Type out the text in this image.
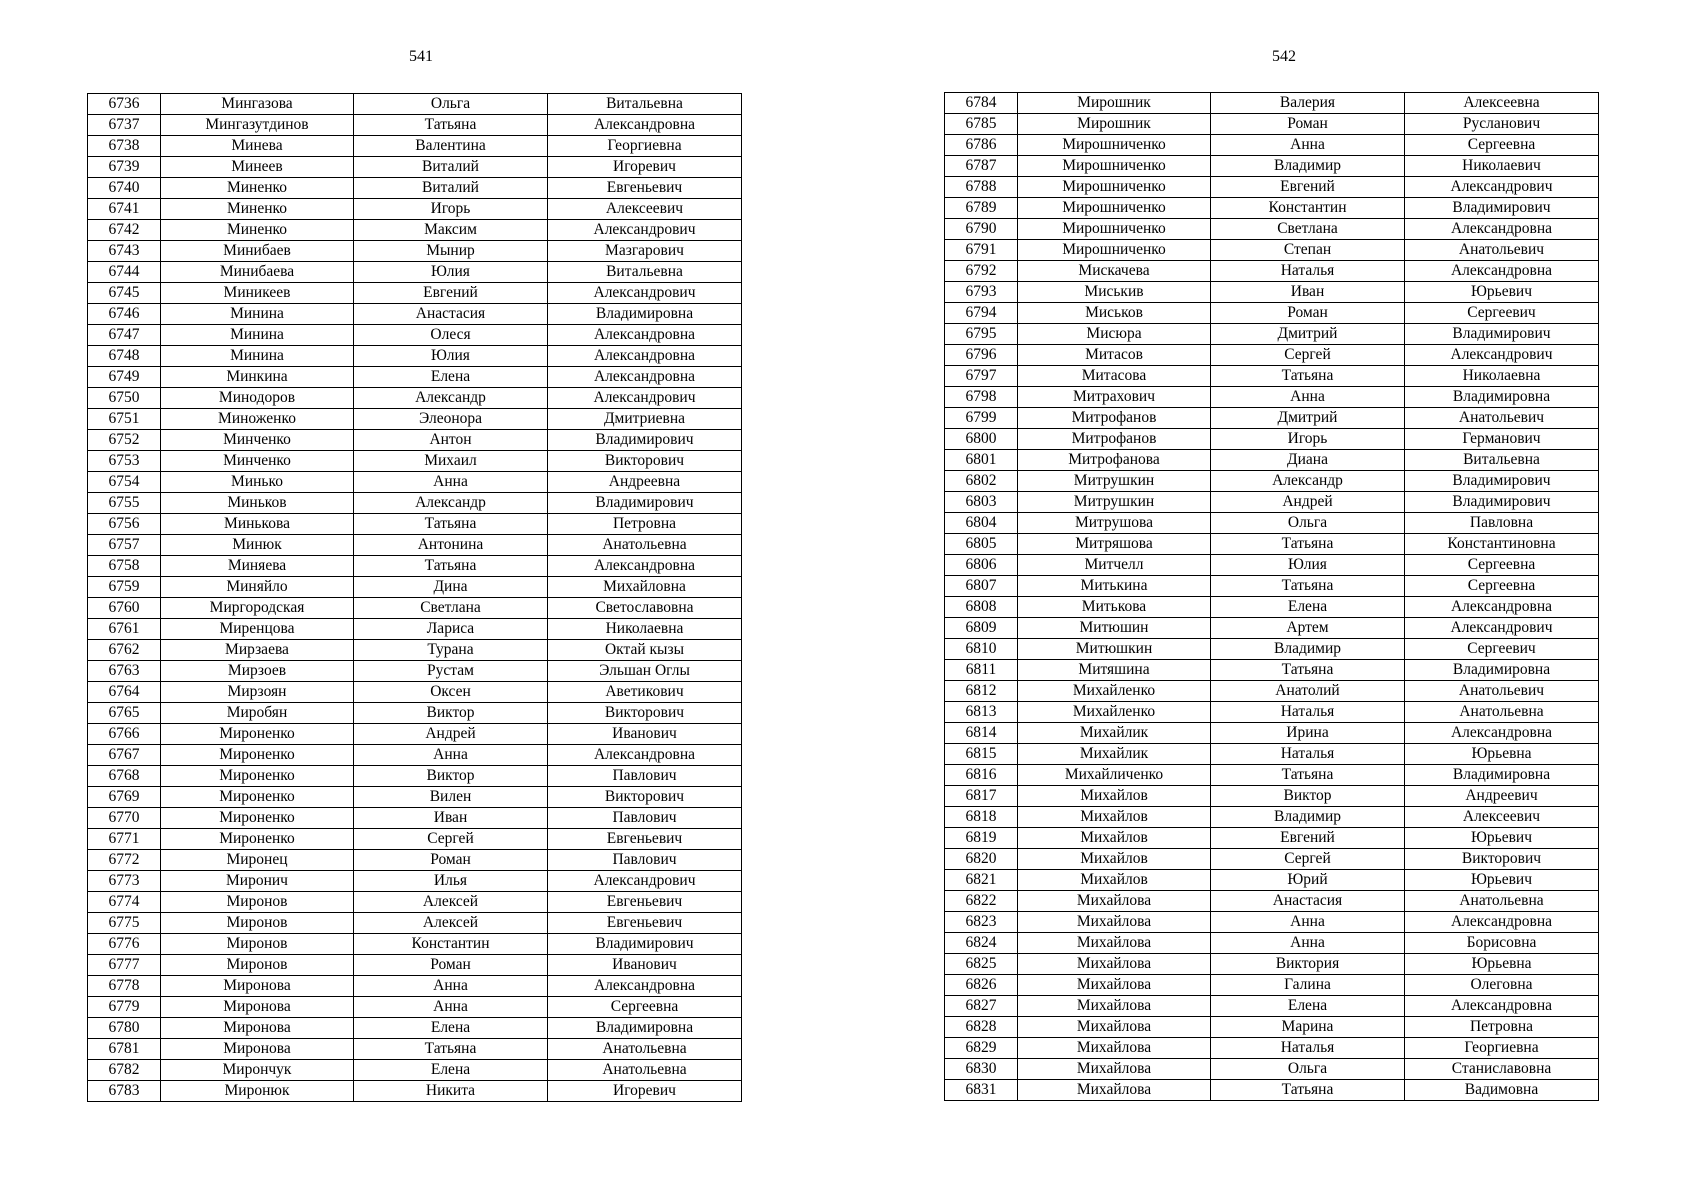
541	542
6736	Мингазова	Ольга	Витальевна
6737	Мингазутдинов	Татьяна	Александровна
6738	Минева	Валентина	Георгиевна
6739	Минеев	Виталий	Игоревич
6740	Миненко	Виталий	Евгеньевич
6741	Миненко	Игорь	Алексеевич
6742	Миненко	Максим	Александрович
6743	Минибаев	Мынир	Мазгарович
6744	Минибаева	Юлия	Витальевна
6745	Миникеев	Евгений	Александрович
6746	Минина	Анастасия	Владимировна
6747	Минина	Олеся	Александровна
6748	Минина	Юлия	Александровна
6749	Минкина	Елена	Александровна
6750	Минодоров	Александр	Александрович
6751	Миноженко	Элеонора	Дмитриевна
6752	Минченко	Антон	Владимирович
6753	Минченко	Михаил	Викторович
6754	Минько	Анна	Андреевна
6755	Миньков	Александр	Владимирович
6756	Минькова	Татьяна	Петровна
6757	Минюк	Антонина	Анатольевна
6758	Миняева	Татьяна	Александровна
6759	Миняйло	Дина	Михайловна
6760	Миргородская	Светлана	Светославовна
6761	Миренцова	Лариса	Николаевна
6762	Мирзаева	Турана	Октай кызы
6763	Мирзоев	Рустам	Эльшан Оглы
6764	Мирзоян	Оксен	Аветикович
6765	Миробян	Виктор	Викторович
6766	Мироненко	Андрей	Иванович
6767	Мироненко	Анна	Александровна
6768	Мироненко	Виктор	Павлович
6769	Мироненко	Вилен	Викторович
6770	Мироненко	Иван	Павлович
6771	Мироненко	Сергей	Евгеньевич
6772	Миронец	Роман	Павлович
6773	Миронич	Илья	Александрович
6774	Миронов	Алексей	Евгеньевич
6775	Миронов	Алексей	Евгеньевич
6776	Миронов	Константин	Владимирович
6777	Миронов	Роман	Иванович
6778	Миронова	Анна	Александровна
6779	Миронова	Анна	Сергеевна
6780	Миронова	Елена	Владимировна
6781	Миронова	Татьяна	Анатольевна
6782	Мирончук	Елена	Анатольевна
6783	Миронюк	Никита	Игоревич
6784	Мирошник	Валерия	Алексеевна
6785	Мирошник	Роман	Русланович
6786	Мирошниченко	Анна	Сергеевна
6787	Мирошниченко	Владимир	Николаевич
6788	Мирошниченко	Евгений	Александрович
6789	Мирошниченко	Константин	Владимирович
6790	Мирошниченко	Светлана	Александровна
6791	Мирошниченко	Степан	Анатольевич
6792	Мискачева	Наталья	Александровна
6793	Миськив	Иван	Юрьевич
6794	Миськов	Роман	Сергеевич
6795	Мисюра	Дмитрий	Владимирович
6796	Митасов	Сергей	Александрович
6797	Митасова	Татьяна	Николаевна
6798	Митрахович	Анна	Владимировна
6799	Митрофанов	Дмитрий	Анатольевич
6800	Митрофанов	Игорь	Германович
6801	Митрофанова	Диана	Витальевна
6802	Митрушкин	Александр	Владимирович
6803	Митрушкин	Андрей	Владимирович
6804	Митрушова	Ольга	Павловна
6805	Митряшова	Татьяна	Константиновна
6806	Митчелл	Юлия	Сергеевна
6807	Митькина	Татьяна	Сергеевна
6808	Митькова	Елена	Александровна
6809	Митюшин	Артем	Александрович
6810	Митюшкин	Владимир	Сергеевич
6811	Митяшина	Татьяна	Владимировна
6812	Михайленко	Анатолий	Анатольевич
6813	Михайленко	Наталья	Анатольевна
6814	Михайлик	Ирина	Александровна
6815	Михайлик	Наталья	Юрьевна
6816	Михайличенко	Татьяна	Владимировна
6817	Михайлов	Виктор	Андреевич
6818	Михайлов	Владимир	Алексеевич
6819	Михайлов	Евгений	Юрьевич
6820	Михайлов	Сергей	Викторович
6821	Михайлов	Юрий	Юрьевич
6822	Михайлова	Анастасия	Анатольевна
6823	Михайлова	Анна	Александровна
6824	Михайлова	Анна	Борисовна
6825	Михайлова	Виктория	Юрьевна
6826	Михайлова	Галина	Олеговна
6827	Михайлова	Елена	Александровна
6828	Михайлова	Марина	Петровна
6829	Михайлова	Наталья	Георгиевна
6830	Михайлова	Ольга	Станиславовна
6831	Михайлова	Татьяна	Вадимовна
